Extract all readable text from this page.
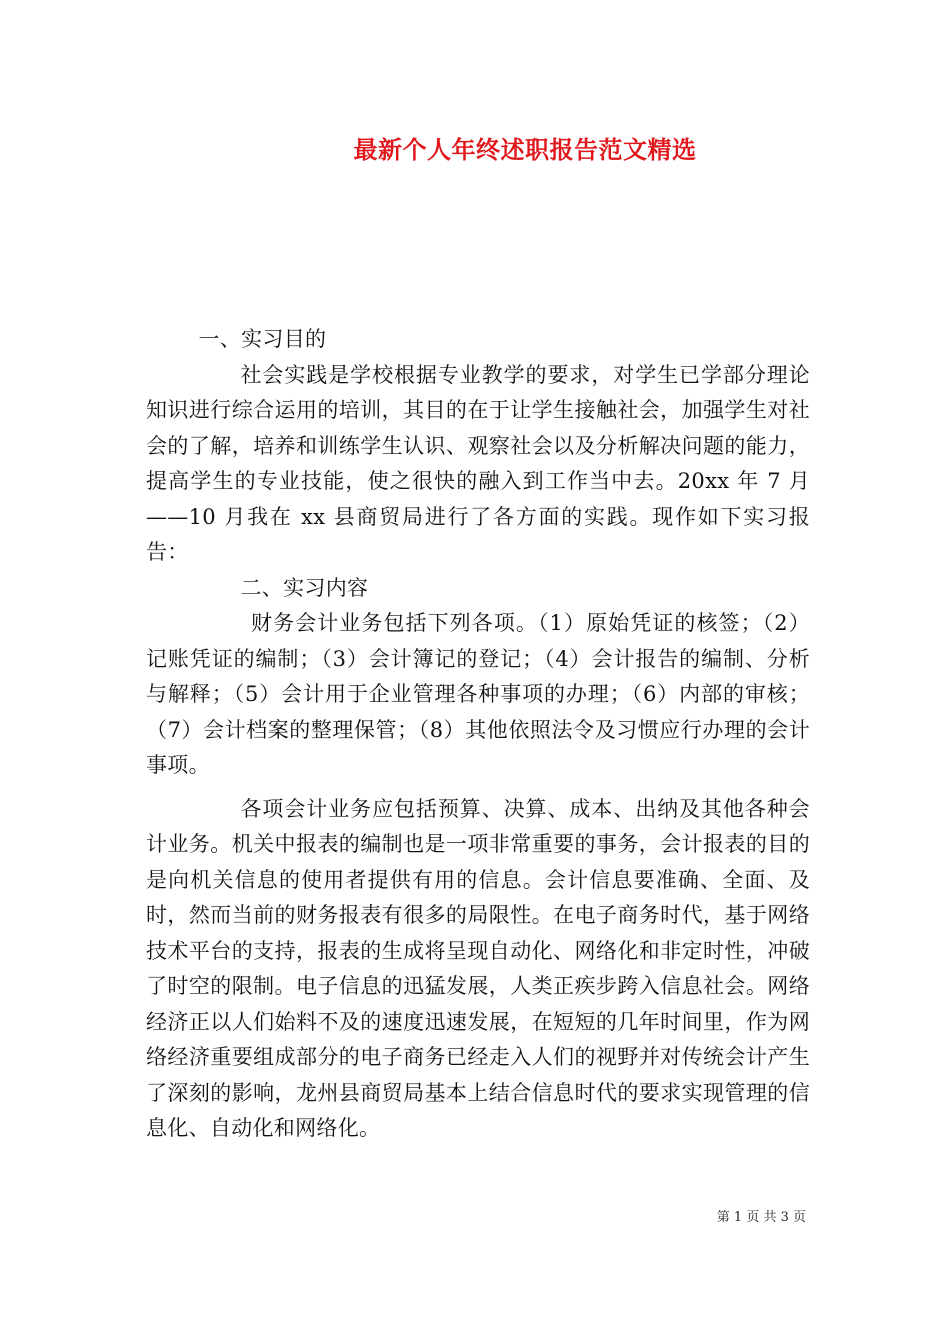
最新个人年终述职报告范文精选

一、实习目的

社会实践是学校根据专业教学的要求，对学生已学部分理论知识进行综合运用的培训，其目的在于让学生接触社会，加强学生对社会的了解，培养和训练学生认识、观察社会以及分析解决问题的能力，提高学生的专业技能，使之很快的融入到工作当中去。20xx 年 7 月——10 月我在 xx 县商贸局进行了各方面的实践。现作如下实习报告：

二、实习内容

财务会计业务包括下列各项。（1）原始凭证的核签；（2）记账凭证的编制；（3）会计簿记的登记；（4）会计报告的编制、分析与解释；（5）会计用于企业管理各种事项的办理；（6）内部的审核；（7）会计档案的整理保管；（8）其他依照法令及习惯应行办理的会计事项。

各项会计业务应包括预算、决算、成本、出纳及其他各种会计业务。机关中报表的编制也是一项非常重要的事务，会计报表的目的是向机关信息的使用者提供有用的信息。会计信息要准确、全面、及时，然而当前的财务报表有很多的局限性。在电子商务时代，基于网络技术平台的支持，报表的生成将呈现自动化、网络化和非定时性，冲破了时空的限制。电子信息的迅猛发展，人类正疾步跨入信息社会。网络经济正以人们始料不及的速度迅速发展，在短短的几年时间里，作为网络经济重要组成部分的电子商务已经走入人们的视野并对传统会计产生了深刻的影响，龙州县商贸局基本上结合信息时代的要求实现管理的信息化、自动化和网络化。

第 1 页 共 3 页
